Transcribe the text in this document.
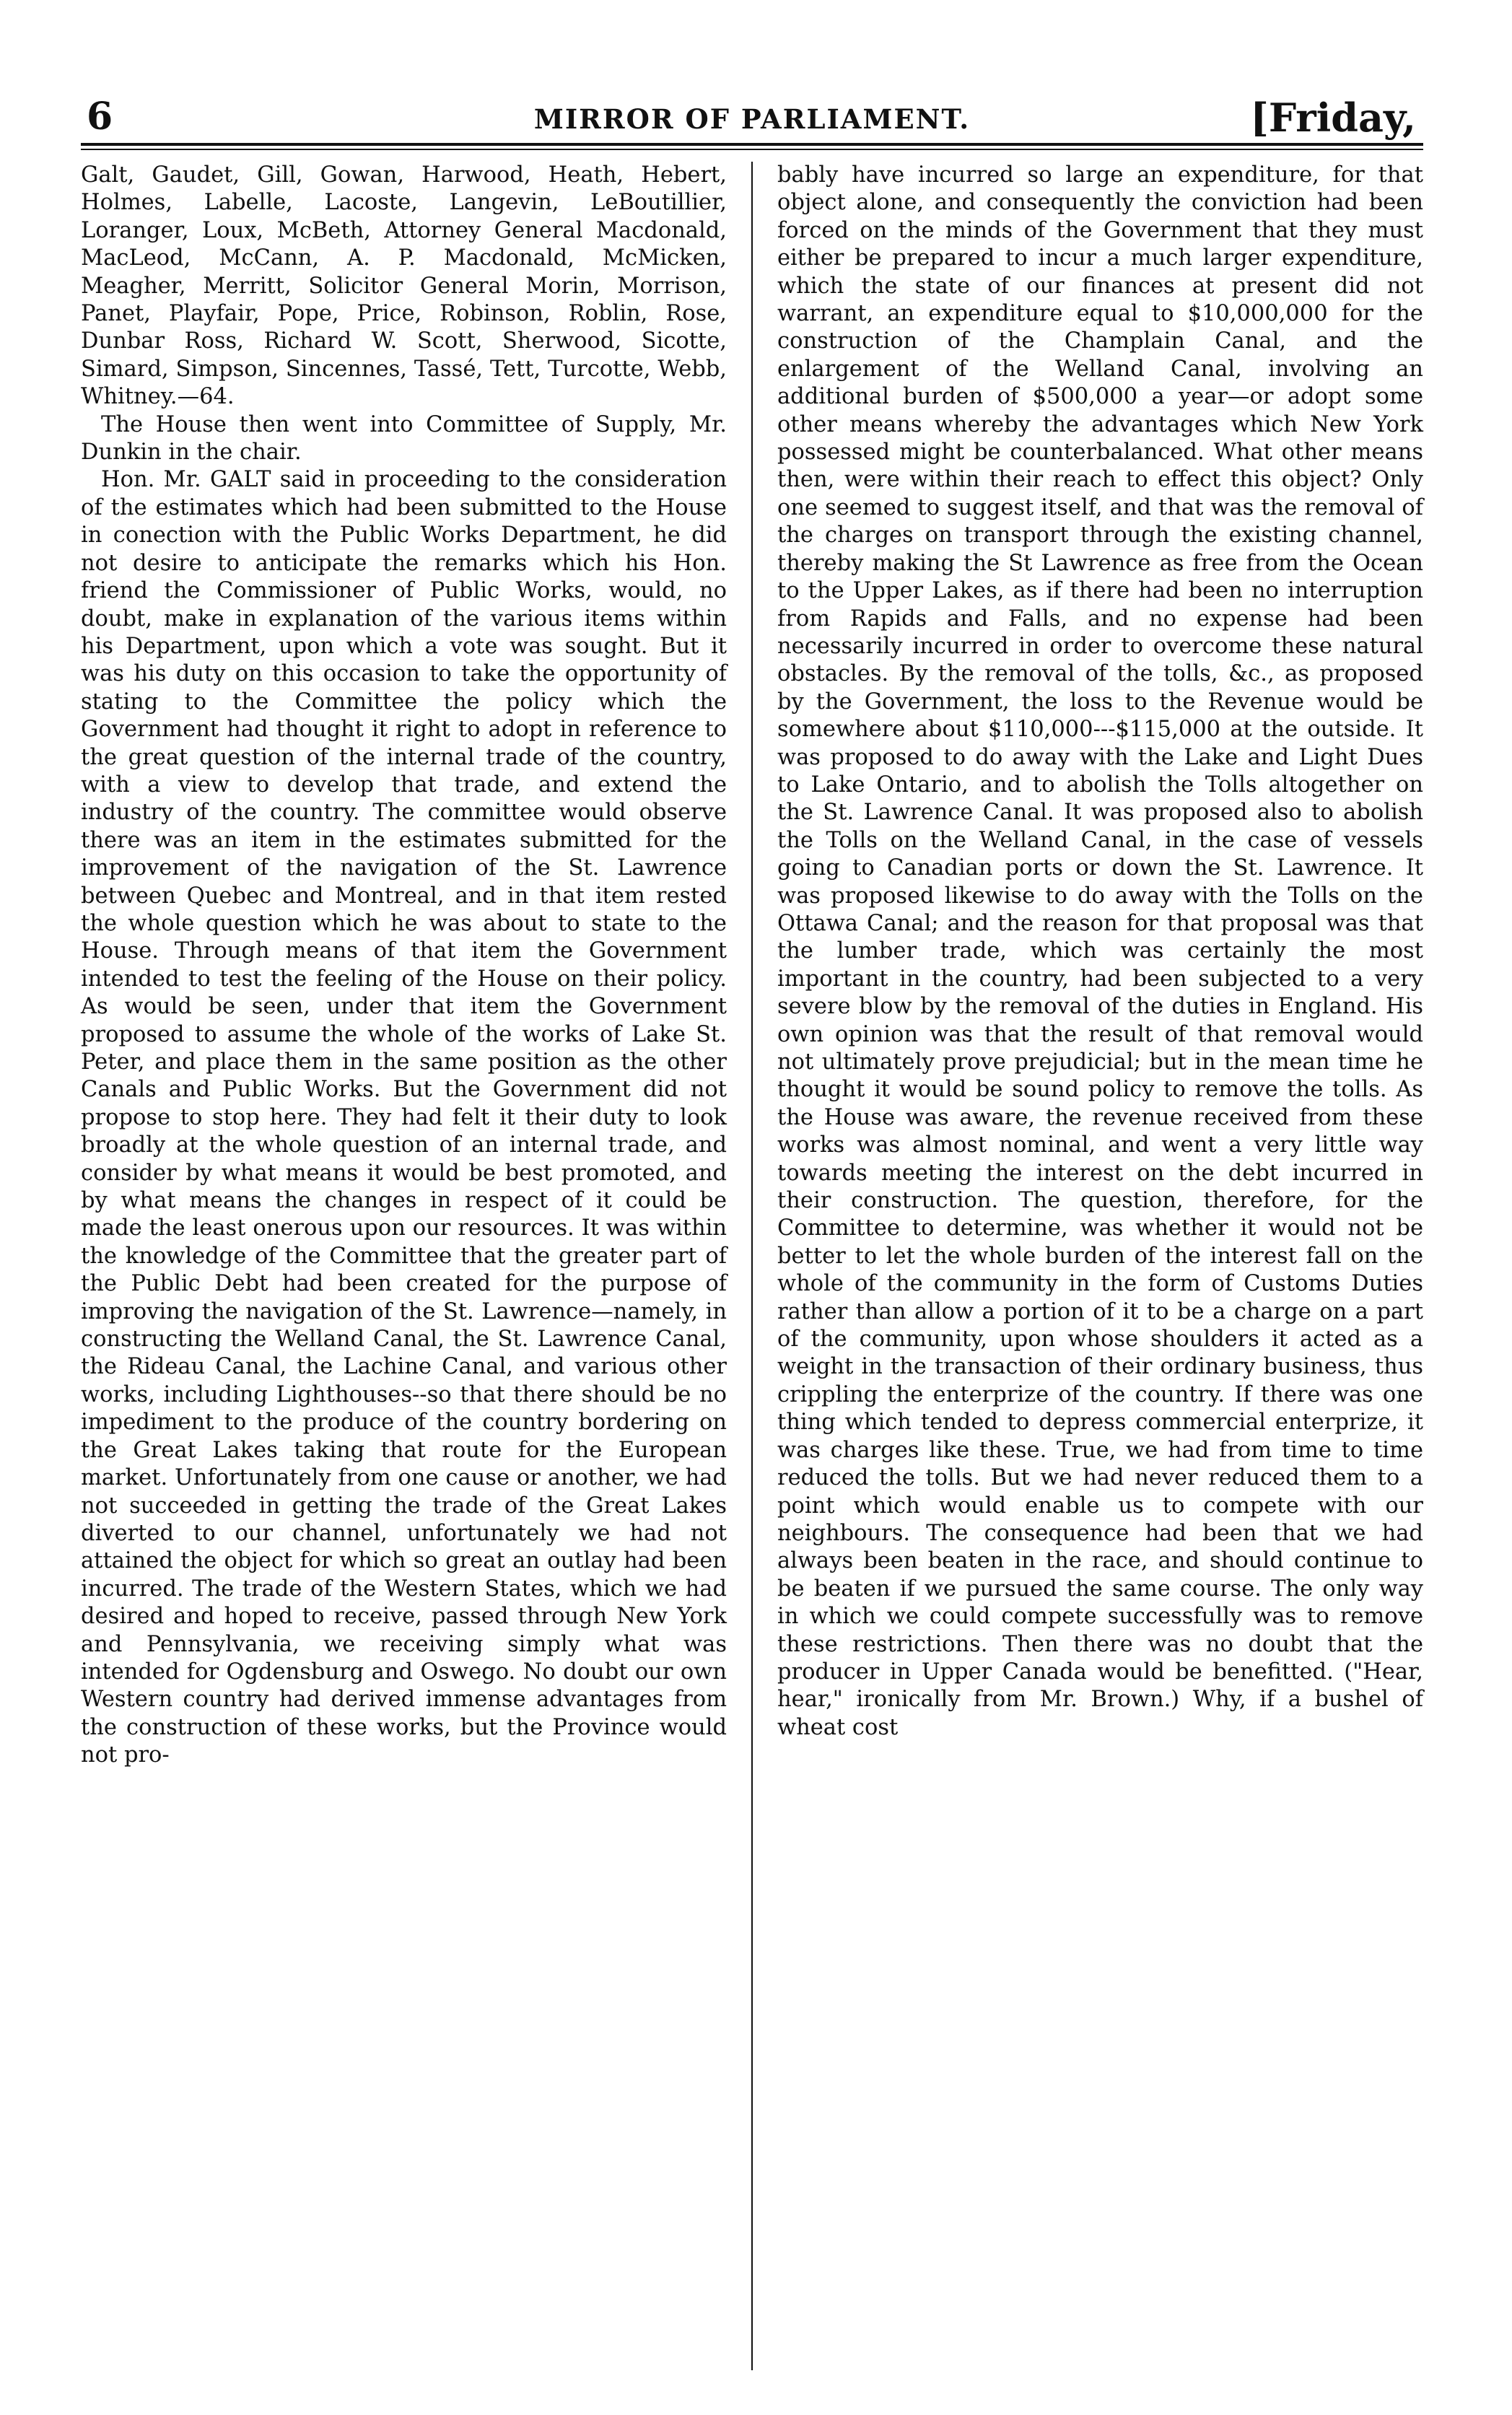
6	MIRROR OF PARLIAMENT.	[Friday,

Galt, Gaudet, Gill, Gowan, Harwood, Heath, Hebert, Holmes, Labelle, Lacoste, Langevin, LeBoutillier, Loranger, Loux, McBeth, Attorney General Macdonald, MacLeod, McCann, A. P. Macdonald, McMicken, Meagher, Merritt, Solicitor General Morin, Morrison, Panet, Playfair, Pope, Price, Robinson, Roblin, Rose, Dunbar Ross, Richard W. Scott, Sherwood, Sicotte, Simard, Simpson, Sincennes, Tassé, Tett, Turcotte, Webb, Whitney.—64.

The House then went into Committee of Supply, Mr. Dunkin in the chair.

Hon. Mr. GALT said in proceeding to the consideration of the estimates which had been submitted to the House in conection with the Public Works Department, he did not desire to anticipate the remarks which his Hon. friend the Commissioner of Public Works, would, no doubt, make in explanation of the various items within his Department, upon which a vote was sought. But it was his duty on this occasion to take the opportunity of stating to the Committee the policy which the Government had thought it right to adopt in reference to the great question of the internal trade of the country, with a view to develop that trade, and extend the industry of the country. The committee would observe there was an item in the estimates submitted for the improvement of the navigation of the St. Lawrence between Quebec and Montreal, and in that item rested the whole question which he was about to state to the House. Through means of that item the Government intended to test the feeling of the House on their policy. As would be seen, under that item the Government proposed to assume the whole of the works of Lake St. Peter, and place them in the same position as the other Canals and Public Works. But the Government did not propose to stop here. They had felt it their duty to look broadly at the whole question of an internal trade, and consider by what means it would be best promoted, and by what means the changes in respect of it could be made the least onerous upon our resources. It was within the knowledge of the Committee that the greater part of the Public Debt had been created for the purpose of improving the navigation of the St. Lawrence—namely, in constructing the Welland Canal, the St. Lawrence Canal, the Rideau Canal, the Lachine Canal, and various other works, including Lighthouses--so that there should be no impediment to the produce of the country bordering on the Great Lakes taking that route for the European market. Unfortunately from one cause or another, we had not succeeded in getting the trade of the Great Lakes diverted to our channel, unfortunately we had not attained the object for which so great an outlay had been incurred. The trade of the Western States, which we had desired and hoped to receive, passed through New York and Pennsylvania, we receiving simply what was intended for Ogdensburg and Oswego. No doubt our own Western country had derived immense advantages from the construction of these works, but the Province would not pro-

bably have incurred so large an expenditure, for that object alone, and consequently the conviction had been forced on the minds of the Government that they must either be prepared to incur a much larger expenditure, which the state of our finances at present did not warrant, an expenditure equal to $10,000,000 for the construction of the Champlain Canal, and the enlargement of the Welland Canal, involving an additional burden of $500,000 a year—or adopt some other means whereby the advantages which New York possessed might be counterbalanced. What other means then, were within their reach to effect this object? Only one seemed to suggest itself, and that was the removal of the charges on transport through the existing channel, thereby making the St Lawrence as free from the Ocean to the Upper Lakes, as if there had been no interruption from Rapids and Falls, and no expense had been necessarily incurred in order to overcome these natural obstacles. By the removal of the tolls, &c., as proposed by the Government, the loss to the Revenue would be somewhere about $110,000---$115,000 at the outside. It was proposed to do away with the Lake and Light Dues to Lake Ontario, and to abolish the Tolls altogether on the St. Lawrence Canal. It was proposed also to abolish the Tolls on the Welland Canal, in the case of vessels going to Canadian ports or down the St. Lawrence. It was proposed likewise to do away with the Tolls on the Ottawa Canal; and the reason for that proposal was that the lumber trade, which was certainly the most important in the country, had been subjected to a very severe blow by the removal of the duties in England. His own opinion was that the result of that removal would not ultimately prove prejudicial; but in the mean time he thought it would be sound policy to remove the tolls. As the House was aware, the revenue received from these works was almost nominal, and went a very little way towards meeting the interest on the debt incurred in their construction. The question, therefore, for the Committee to determine, was whether it would not be better to let the whole burden of the interest fall on the whole of the community in the form of Customs Duties rather than allow a portion of it to be a charge on a part of the community, upon whose shoulders it acted as a weight in the transaction of their ordinary business, thus crippling the enterprize of the country. If there was one thing which tended to depress commercial enterprize, it was charges like these. True, we had from time to time reduced the tolls. But we had never reduced them to a point which would enable us to compete with our neighbours. The consequence had been that we had always been beaten in the race, and should continue to be beaten if we pursued the same course. The only way in which we could compete successfully was to remove these restrictions. Then there was no doubt that the producer in Upper Canada would be benefitted. ("Hear, hear," ironically from Mr. Brown.) Why, if a bushel of wheat cost
